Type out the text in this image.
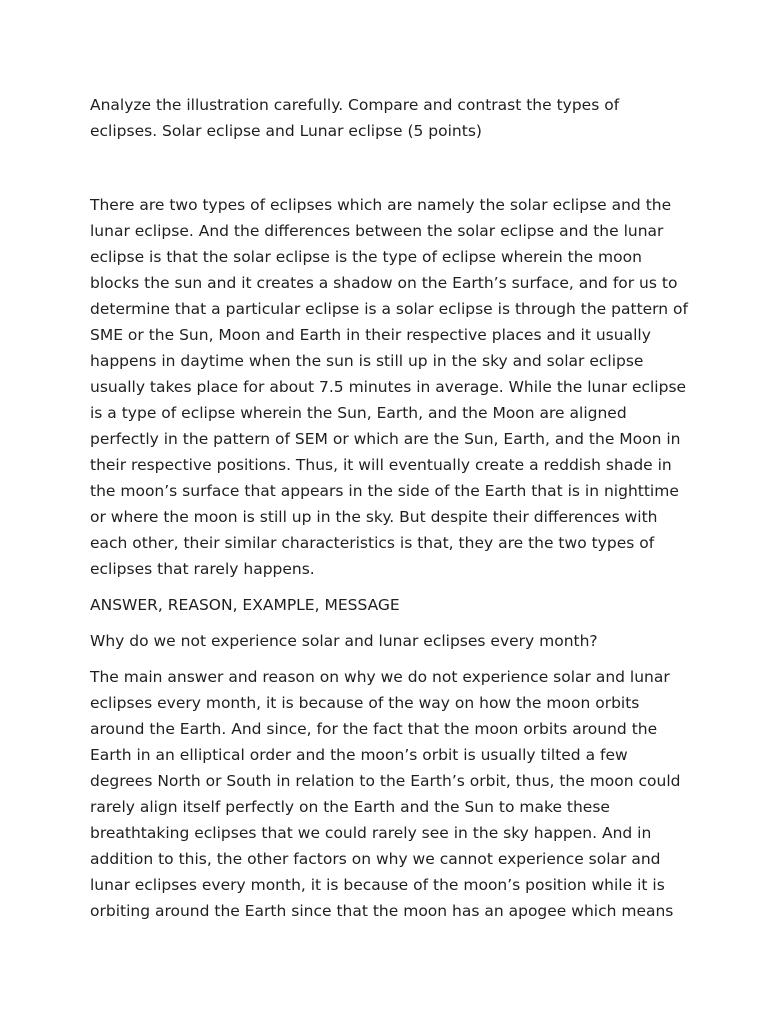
Analyze the illustration carefully. Compare and contrast the types of eclipses. Solar eclipse and Lunar eclipse (5 points)

There are two types of eclipses which are namely the solar eclipse and the lunar eclipse. And the differences between the solar eclipse and the lunar eclipse is that the solar eclipse is the type of eclipse wherein the moon blocks the sun and it creates a shadow on the Earth’s surface, and for us to determine that a particular eclipse is a solar eclipse is through the pattern of SME or the Sun, Moon and Earth in their respective places and it usually happens in daytime when the sun is still up in the sky and solar eclipse usually takes place for about 7.5 minutes in average. While the lunar eclipse is a type of eclipse wherein the Sun, Earth, and the Moon are aligned perfectly in the pattern of SEM or which are the Sun, Earth, and the Moon in their respective positions. Thus, it will eventually create a reddish shade in the moon’s surface that appears in the side of the Earth that is in nighttime or where the moon is still up in the sky. But despite their differences with each other, their similar characteristics is that, they are the two types of eclipses that rarely happens.

ANSWER, REASON, EXAMPLE, MESSAGE

Why do we not experience solar and lunar eclipses every month?

The main answer and reason on why we do not experience solar and lunar eclipses every month, it is because of the way on how the moon orbits around the Earth. And since, for the fact that the moon orbits around the Earth in an elliptical order and the moon’s orbit is usually tilted a few degrees North or South in relation to the Earth’s orbit, thus, the moon could rarely align itself perfectly on the Earth and the Sun to make these breathtaking eclipses that we could rarely see in the sky happen. And in addition to this, the other factors on why we cannot experience solar and lunar eclipses every month, it is because of the moon’s position while it is orbiting around the Earth since that the moon has an apogee which means
